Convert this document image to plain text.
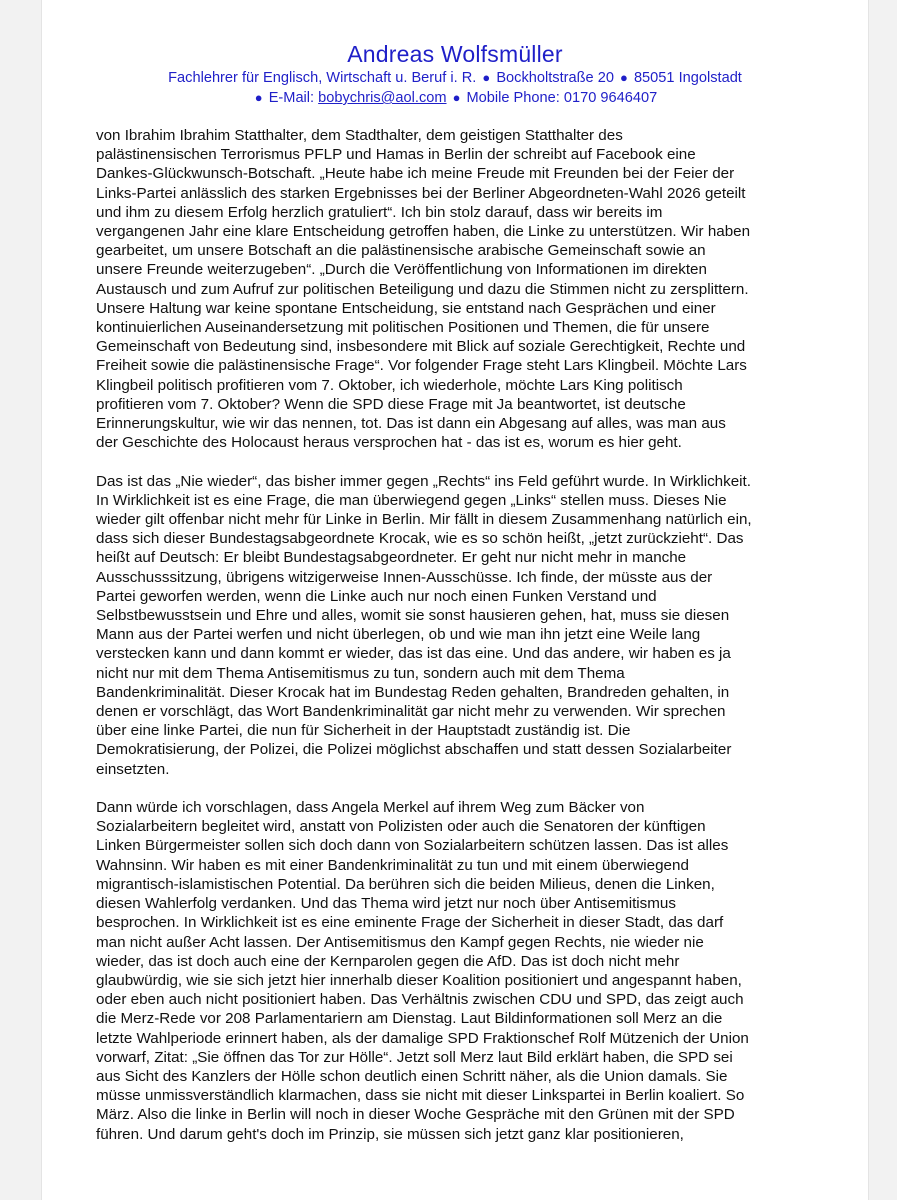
Andreas Wolfsmüller
Fachlehrer für Englisch, Wirtschaft u. Beruf i. R. ● Bockholtstraße 20 ● 85051 Ingolstadt
● E-Mail: bobychris@aol.com ● Mobile Phone: 0170 9646407
von Ibrahim Ibrahim Statthalter, dem Stadthalter, dem geistigen Statthalter des
palästinensischen Terrorismus PFLP und Hamas in Berlin der schreibt auf Facebook eine
Dankes-Glückwunsch-Botschaft. „Heute habe ich meine Freude mit Freunden bei der Feier der
Links-Partei anlässlich des starken Ergebnisses bei der Berliner Abgeordneten-Wahl 2026 geteilt
und ihm zu diesem Erfolg herzlich gratuliert“. Ich bin stolz darauf, dass wir bereits im
vergangenen Jahr eine klare Entscheidung getroffen haben, die Linke zu unterstützen. Wir haben
gearbeitet, um unsere Botschaft an die palästinensische arabische Gemeinschaft sowie an
unsere Freunde weiterzugeben“. „Durch die Veröffentlichung von Informationen im direkten
Austausch und zum Aufruf zur politischen Beteiligung und dazu die Stimmen nicht zu zersplittern.
Unsere Haltung war keine spontane Entscheidung, sie entstand nach Gesprächen und einer
kontinuierlichen Auseinandersetzung mit politischen Positionen und Themen, die für unsere
Gemeinschaft von Bedeutung sind, insbesondere mit Blick auf soziale Gerechtigkeit, Rechte und
Freiheit sowie die palästinensische Frage“. Vor folgender Frage steht Lars Klingbeil. Möchte Lars
Klingbeil politisch profitieren vom 7. Oktober, ich wiederhole, möchte Lars King politisch
profitieren vom 7. Oktober? Wenn die SPD diese Frage mit Ja beantwortet, ist deutsche
Erinnerungskultur, wie wir das nennen, tot. Das ist dann ein Abgesang auf alles, was man aus
der Geschichte des Holocaust heraus versprochen hat - das ist es, worum es hier geht.
Das ist das „Nie wieder“, das bisher immer gegen „Rechts“ ins Feld geführt wurde. In Wirklichkeit.
In Wirklichkeit ist es eine Frage, die man überwiegend gegen „Links“ stellen muss. Dieses Nie
wieder gilt offenbar nicht mehr für Linke in Berlin. Mir fällt in diesem Zusammenhang natürlich ein,
dass sich dieser Bundestagsabgeordnete Krocak, wie es so schön heißt, „jetzt zurückzieht“. Das
heißt auf Deutsch: Er bleibt Bundestagsabgeordneter. Er geht nur nicht mehr in manche
Ausschusssitzung, übrigens witzigerweise Innen-Ausschüsse. Ich finde, der müsste aus der
Partei geworfen werden, wenn die Linke auch nur noch einen Funken Verstand und
Selbstbewusstsein und Ehre und alles, womit sie sonst hausieren gehen, hat, muss sie diesen
Mann aus der Partei werfen und nicht überlegen, ob und wie man ihn jetzt eine Weile lang
verstecken kann und dann kommt er wieder, das ist das eine. Und das andere, wir haben es ja
nicht nur mit dem Thema Antisemitismus zu tun, sondern auch mit dem Thema
Bandenkriminalität. Dieser Krocak hat im Bundestag Reden gehalten, Brandreden gehalten, in
denen er vorschlägt, das Wort Bandenkriminalität gar nicht mehr zu verwenden. Wir sprechen
über eine linke Partei, die nun für Sicherheit in der Hauptstadt zuständig ist. Die
Demokratisierung, der Polizei, die Polizei möglichst abschaffen und statt dessen Sozialarbeiter
einsetzten.
Dann würde ich vorschlagen, dass Angela Merkel auf ihrem Weg zum Bäcker von
Sozialarbeitern begleitet wird, anstatt von Polizisten oder auch die Senatoren der künftigen
Linken Bürgermeister sollen sich doch dann von Sozialarbeitern schützen lassen. Das ist alles
Wahnsinn. Wir haben es mit einer Bandenkriminalität zu tun und mit einem überwiegend
migrantisch-islamistischen Potential. Da berühren sich die beiden Milieus, denen die Linken,
diesen Wahlerfolg verdanken. Und das Thema wird jetzt nur noch über Antisemitismus
besprochen. In Wirklichkeit ist es eine eminente Frage der Sicherheit in dieser Stadt, das darf
man nicht außer Acht lassen. Der Antisemitismus den Kampf gegen Rechts, nie wieder nie
wieder, das ist doch auch eine der Kernparolen gegen die AfD. Das ist doch nicht mehr
glaubwürdig, wie sie sich jetzt hier innerhalb dieser Koalition positioniert und angespannt haben,
oder eben auch nicht positioniert haben. Das Verhältnis zwischen CDU und SPD, das zeigt auch
die Merz-Rede vor 208 Parlamentariern am Dienstag. Laut Bildinformationen soll Merz an die
letzte Wahlperiode erinnert haben, als der damalige SPD Fraktionschef Rolf Mützenich der Union
vorwarf, Zitat: „Sie öffnen das Tor zur Hölle“. Jetzt soll Merz laut Bild erklärt haben, die SPD sei
aus Sicht des Kanzlers der Hölle schon deutlich einen Schritt näher, als die Union damals. Sie
müsse unmissverständlich klarmachen, dass sie nicht mit dieser Linkspartei in Berlin koaliert. So
März. Also die linke in Berlin will noch in dieser Woche Gespräche mit den Grünen mit der SPD
führen. Und darum geht's doch im Prinzip, sie müssen sich jetzt ganz klar positionieren,
